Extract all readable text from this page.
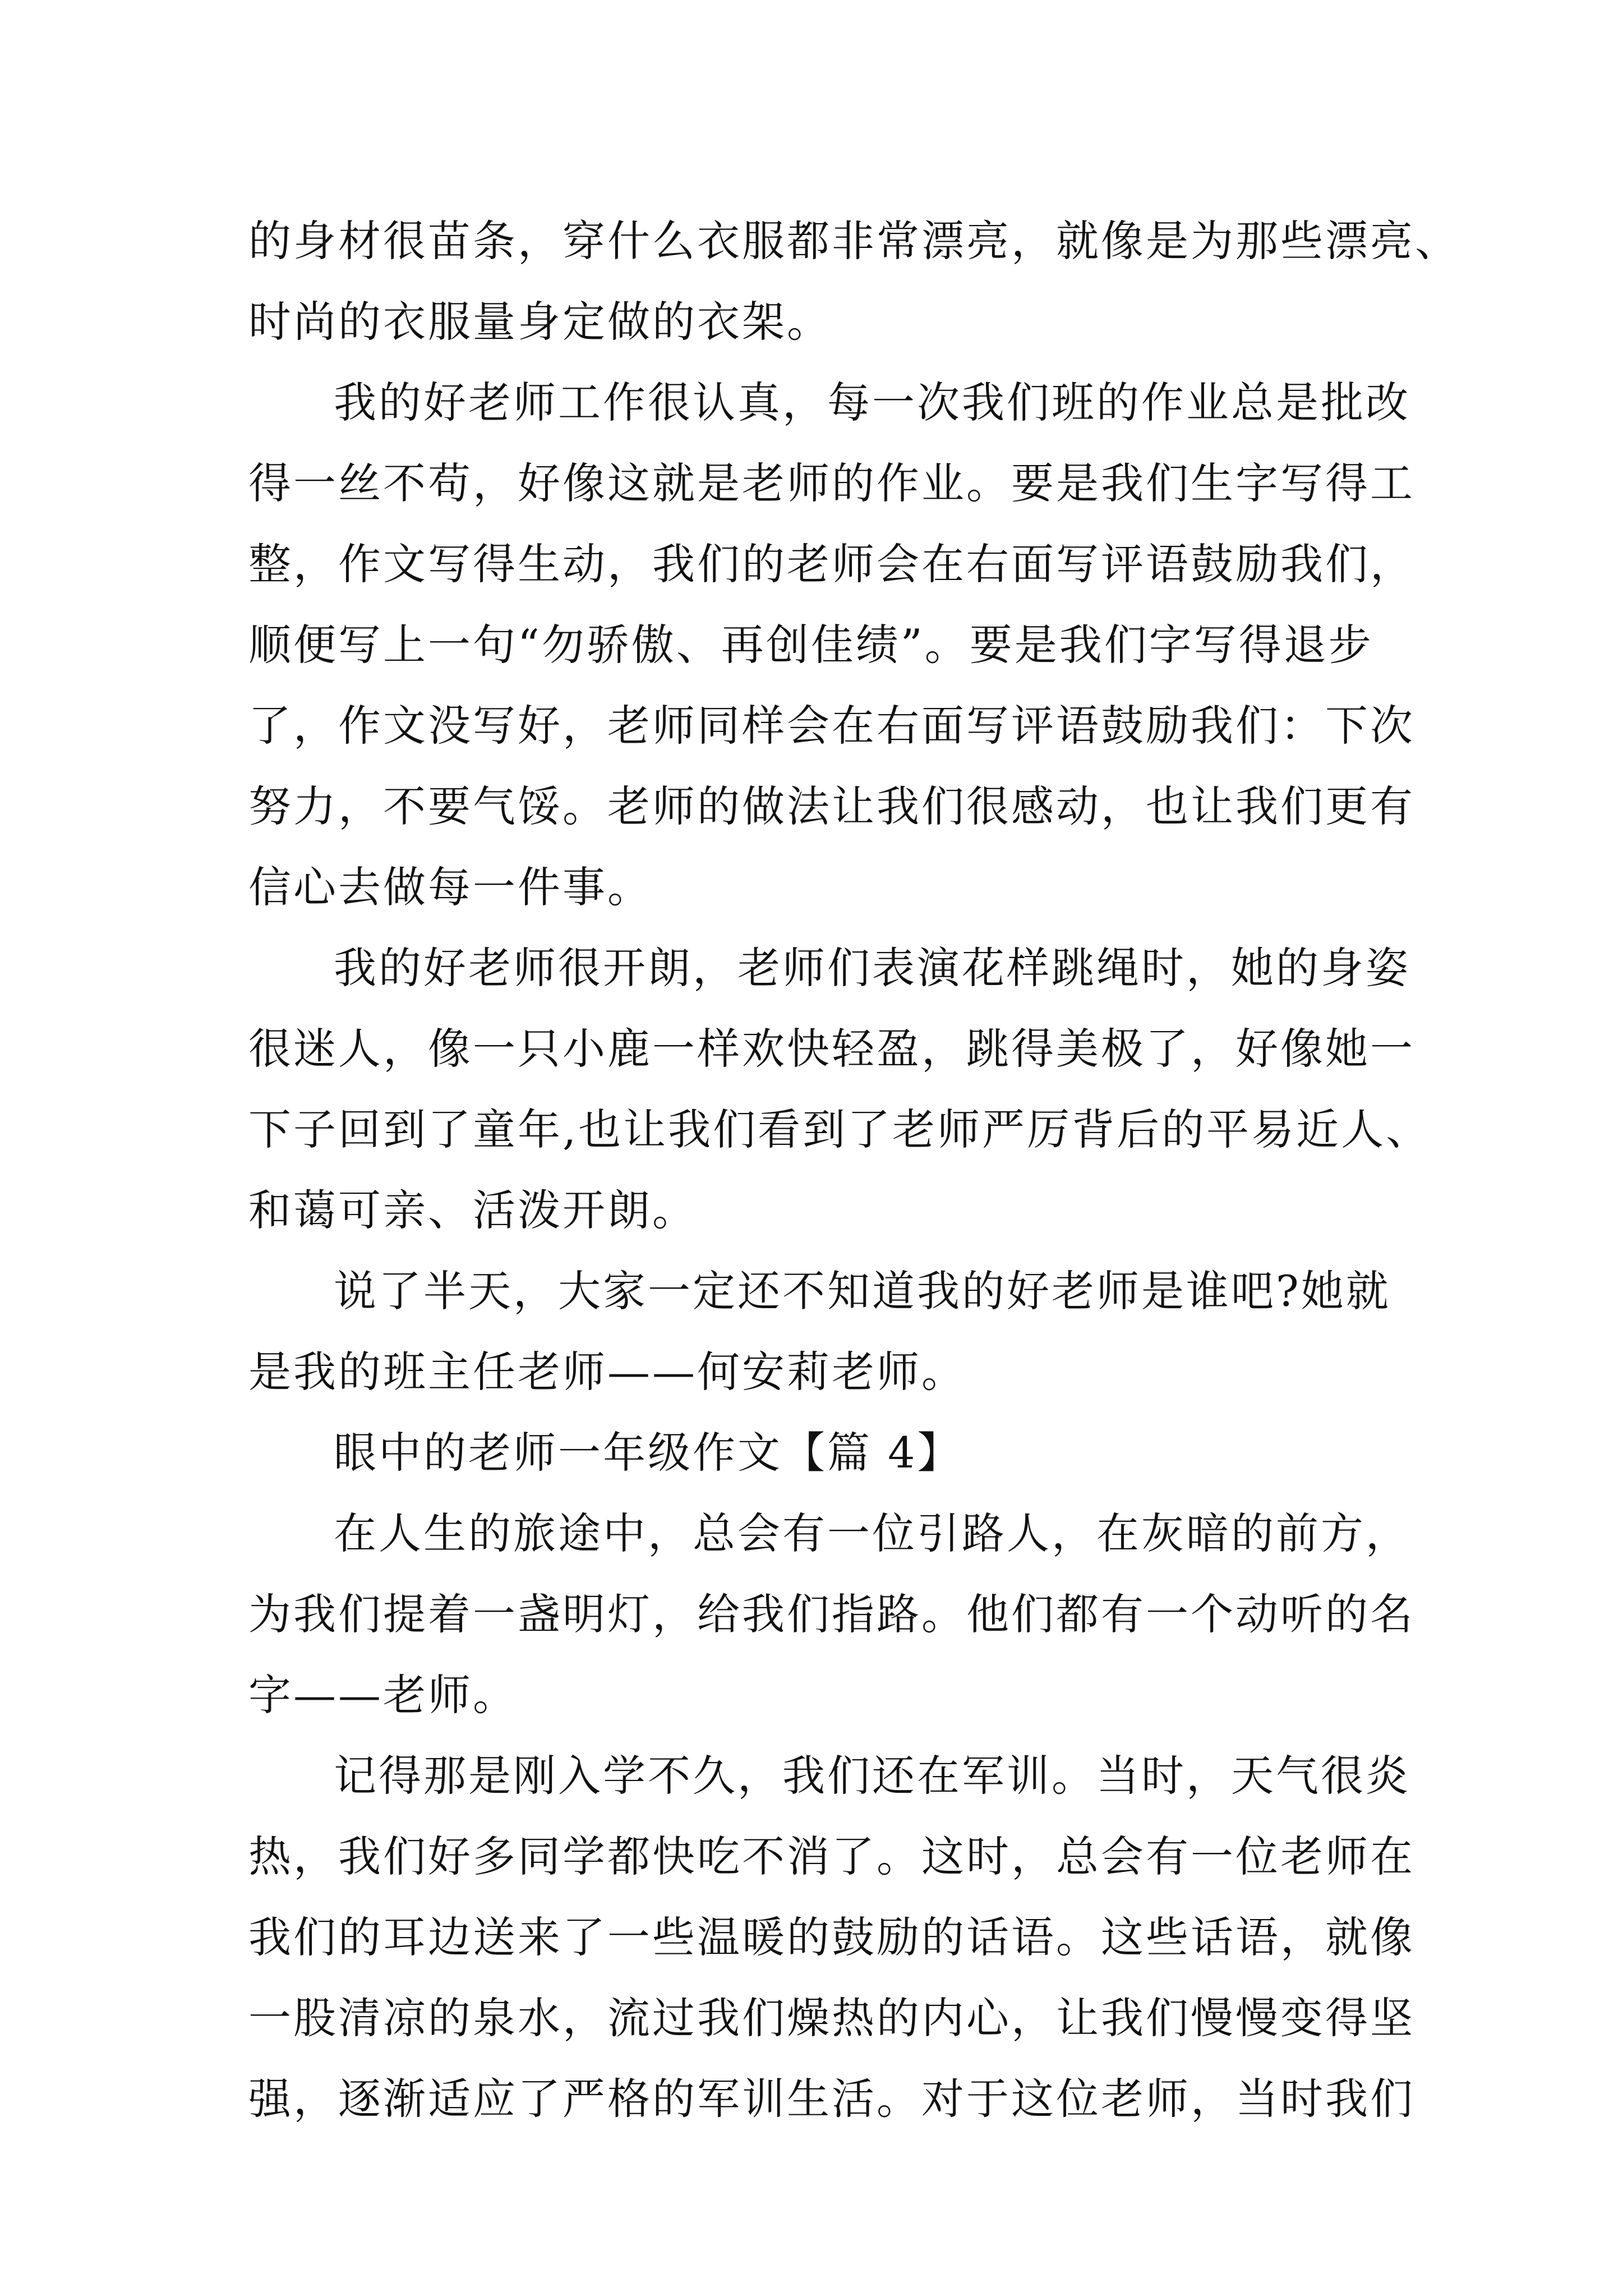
的身材很苗条，穿什么衣服都非常漂亮，就像是为那些漂亮、
时尚的衣服量身定做的衣架。

我的好老师工作很认真，每一次我们班的作业总是批改
得一丝不苟，好像这就是老师的作业。要是我们生字写得工
整，作文写得生动，我们的老师会在右面写评语鼓励我们，
顺便写上一句“勿骄傲、再创佳绩”。要是我们字写得退步
了，作文没写好，老师同样会在右面写评语鼓励我们：下次
努力，不要气馁。老师的做法让我们很感动，也让我们更有
信心去做每一件事。

我的好老师很开朗，老师们表演花样跳绳时，她的身姿
很迷人，像一只小鹿一样欢快轻盈，跳得美极了，好像她一
下子回到了童年,也让我们看到了老师严厉背后的平易近人、
和蔼可亲、活泼开朗。

说了半天，大家一定还不知道我的好老师是谁吧?她就
是我的班主任老师——何安莉老师。

眼中的老师一年级作文【篇 4】

在人生的旅途中，总会有一位引路人，在灰暗的前方，
为我们提着一盏明灯，给我们指路。他们都有一个动听的名
字——老师。

记得那是刚入学不久，我们还在军训。当时，天气很炎
热，我们好多同学都快吃不消了。这时，总会有一位老师在
我们的耳边送来了一些温暖的鼓励的话语。这些话语，就像
一股清凉的泉水，流过我们燥热的内心，让我们慢慢变得坚
强，逐渐适应了严格的军训生活。对于这位老师，当时我们
